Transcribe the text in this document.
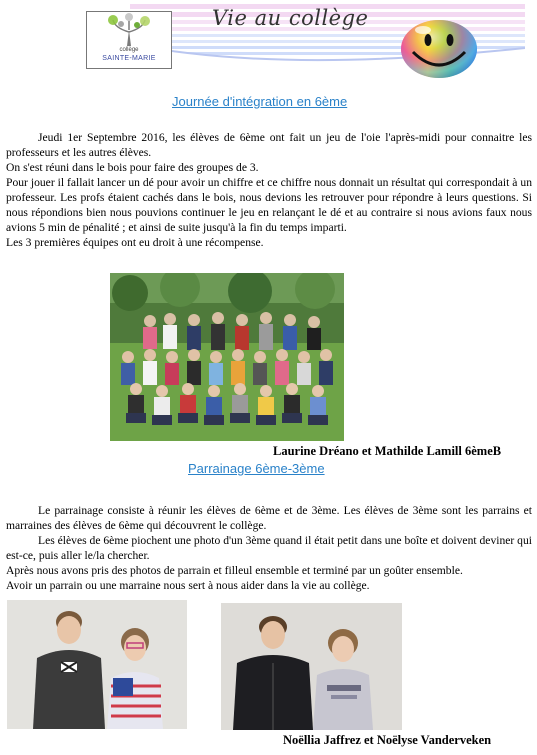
collège
SAINTE-MARIE
Vie au collège
Journée d'intégration en 6ème

Jeudi 1er Septembre 2016, les élèves de 6ème ont fait un jeu de l'oie l'après-midi pour connaitre les professeurs et les autres élèves.

On s'est réuni dans le bois pour faire des groupes de 3.

Pour jouer il fallait lancer un dé pour avoir un chiffre et ce chiffre nous donnait un résultat qui correspondait à un professeur. Les profs étaient cachés dans le bois, nous devions les retrouver pour répondre à leurs questions. Si nous répondions bien nous pouvions continuer le jeu en relançant le dé et au contraire si nous avions faux nous avions 5 min de pénalité ; et ainsi de suite jusqu'à la fin du temps imparti.

Les 3 premières équipes ont eu droit à une récompense.

Laurine Dréano et Mathilde Lamill 6èmeB
Parrainage 6ème-3ème

Le parrainage consiste à réunir les élèves de 6ème et de 3ème. Les élèves de 3ème sont les parrains et marraines des élèves de 6ème qui découvrent le collège.

Les élèves de 6ème piochent une photo d'un 3ème quand il était petit dans une boîte et doivent deviner qui est-ce, puis aller le/la chercher.

Après nous avons pris des photos de parrain et filleul ensemble et terminé par un goûter ensemble.

Avoir un parrain ou une marraine nous sert à nous aider dans la vie au collège.

Noëllia Jaffrez et Noëlyse Vanderveken
